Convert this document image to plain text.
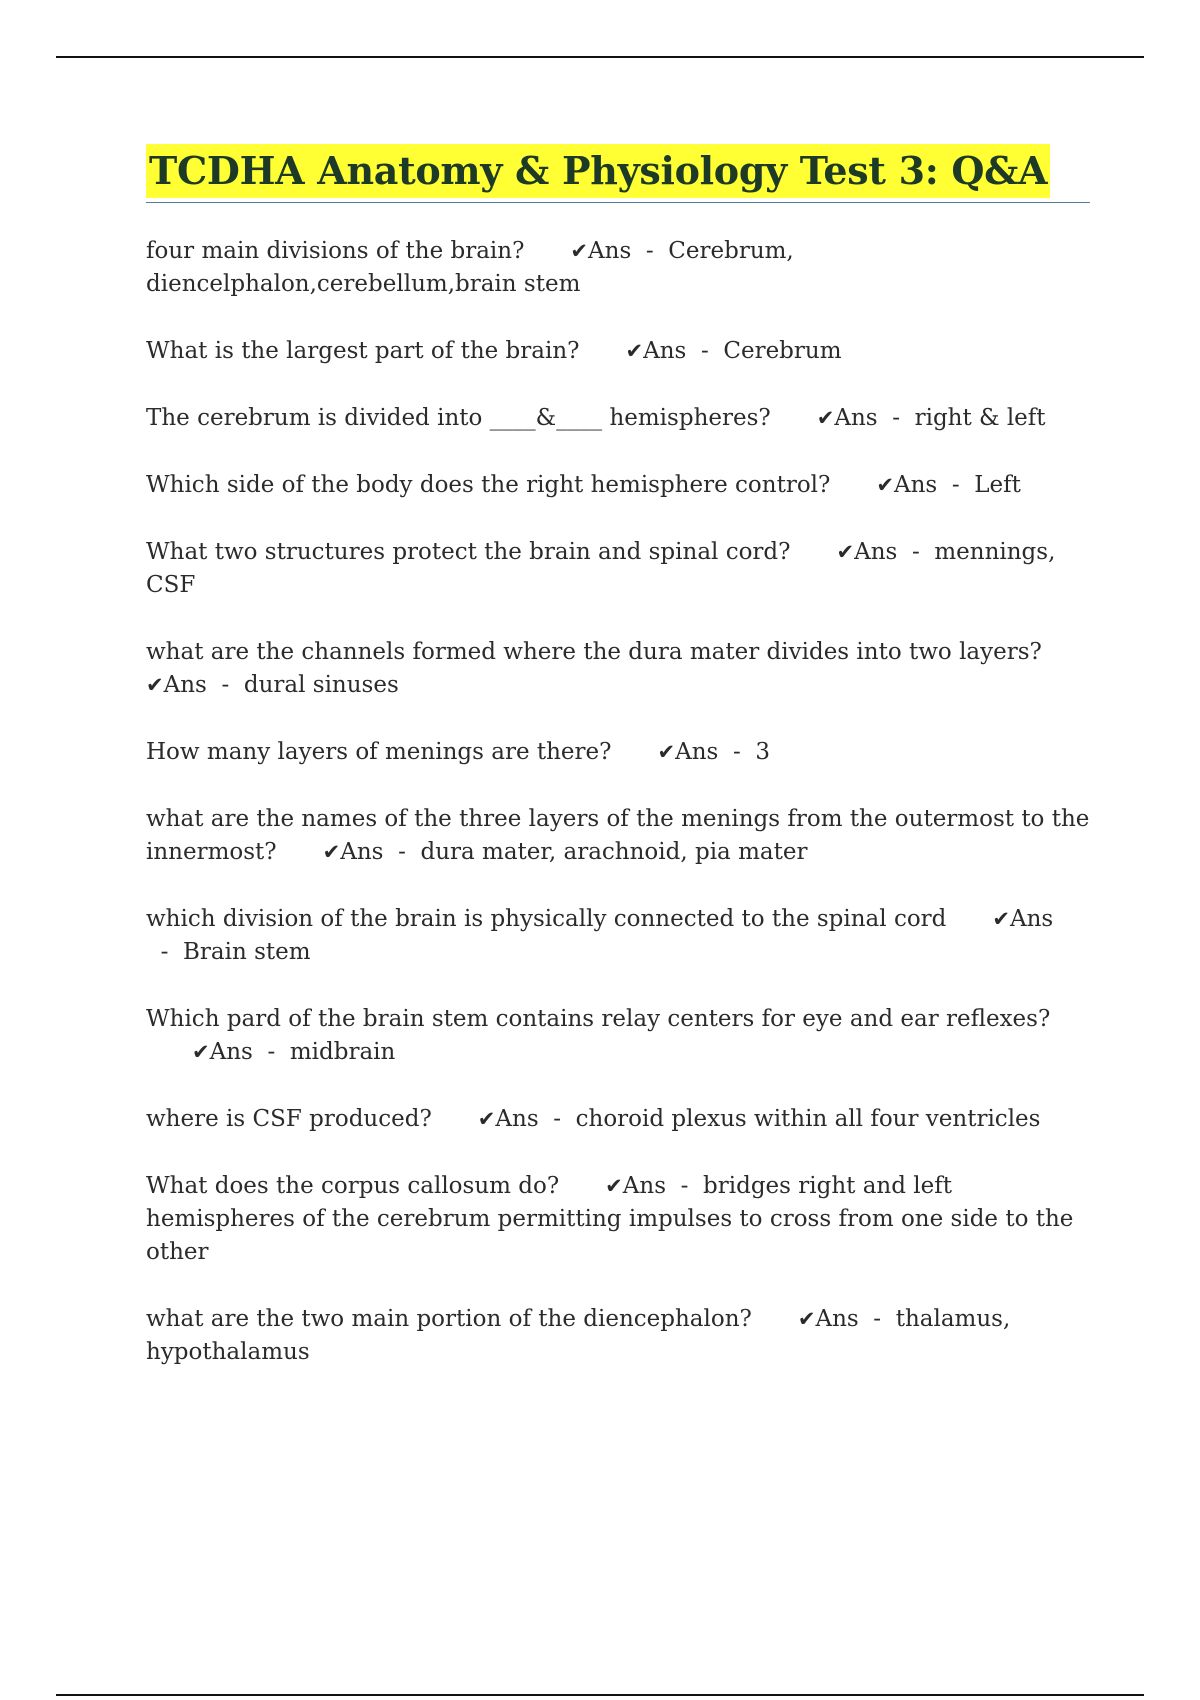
TCDHA Anatomy & Physiology Test 3: Q&A

four main divisions of the brain? ✔Ans  -  Cerebrum, diencelphalon,cerebellum,brain stem

What is the largest part of the brain? ✔Ans  -  Cerebrum

The cerebrum is divided into ____&____ hemispheres? ✔Ans  -  right & left

Which side of the body does the right hemisphere control? ✔Ans  -  Left

What two structures protect the brain and spinal cord? ✔Ans  -  mennings, CSF

what are the channels formed where the dura mater divides into two layers?✔Ans  -  dural sinuses

How many layers of menings are there? ✔Ans  -  3

what are the names of the three layers of the menings from the outermost to the innermost? ✔Ans  -  dura mater, arachnoid, pia mater

which division of the brain is physically connected to the spinal cord ✔Ans  -  Brain stem

Which pard of the brain stem contains relay centers for eye and ear reflexes?✔Ans  -  midbrain

where is CSF produced? ✔Ans  -  choroid plexus within all four ventricles

What does the corpus callosum do? ✔Ans  -  bridges right and left hemispheres of the cerebrum permitting impulses to cross from one side to the other

what are the two main portion of the diencephalon? ✔Ans  -  thalamus, hypothalamus
